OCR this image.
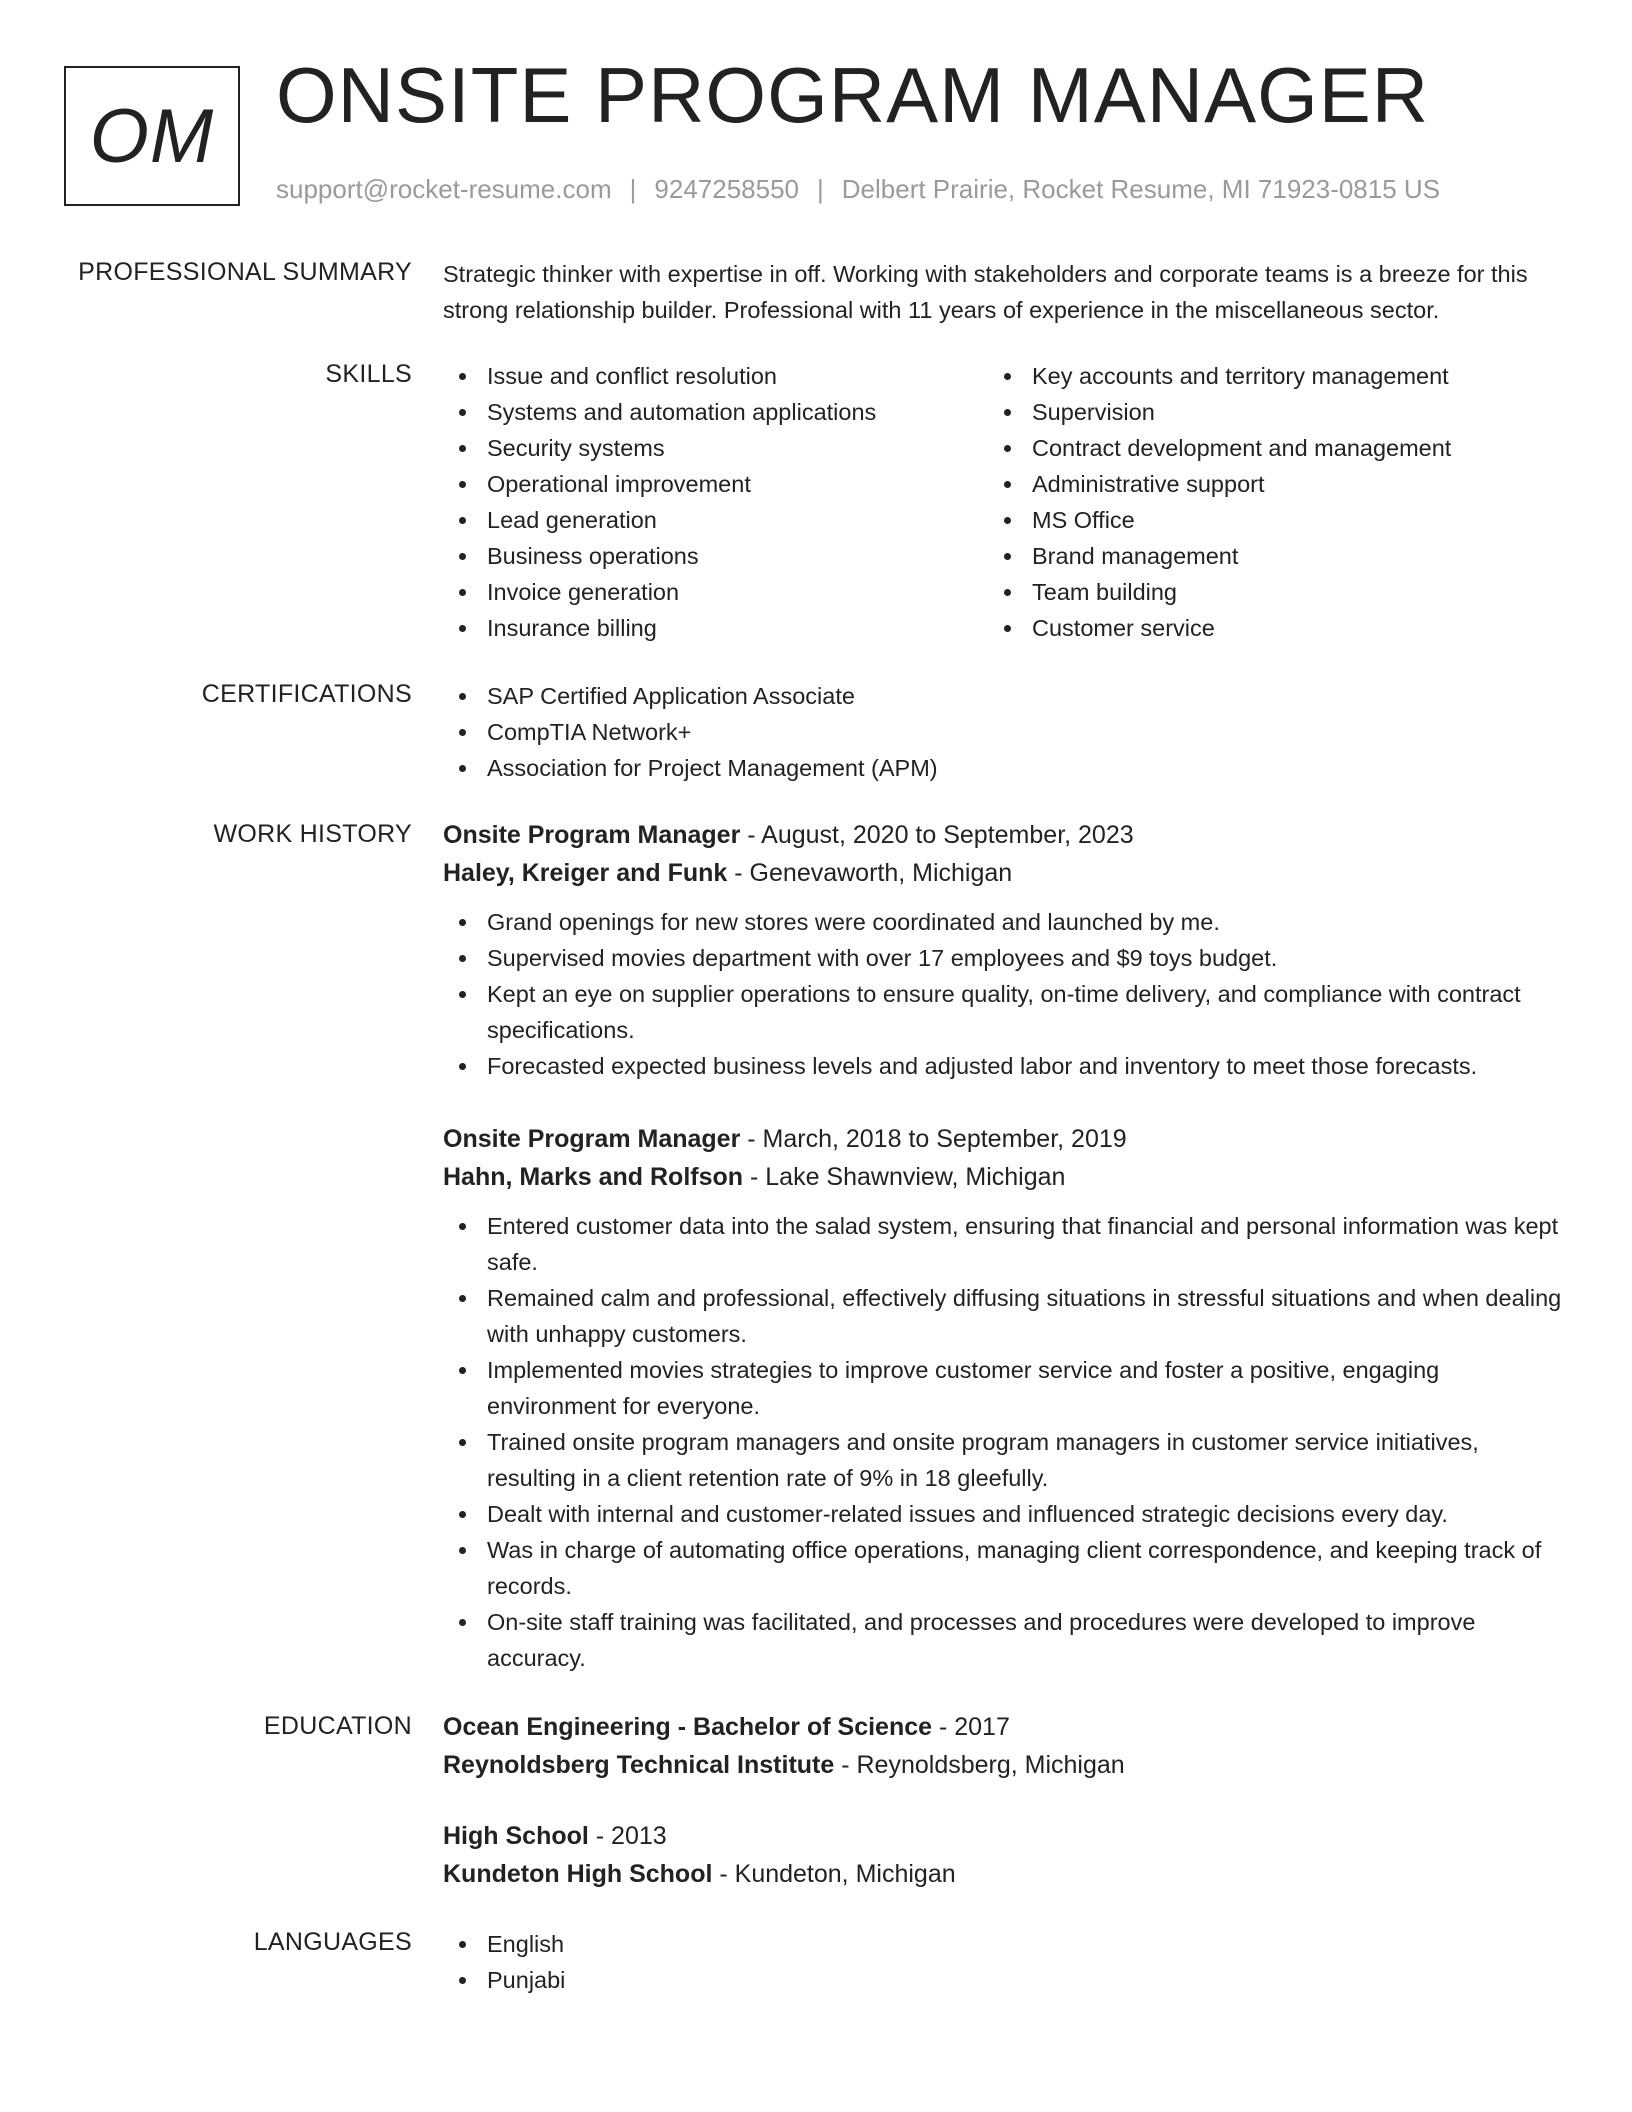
OM ONSITE PROGRAM MANAGER
support@rocket-resume.com | 9247258550 | Delbert Prairie, Rocket Resume, MI 71923-0815 US
PROFESSIONAL SUMMARY Strategic thinker with expertise in off. Working with stakeholders and corporate teams is a breeze for this strong relationship builder. Professional with 11 years of experience in the miscellaneous sector.
SKILLS	Issue and conflict resolution
Systems and automation applications
Security systems
Operational improvement
Lead generation
Business operations
Invoice generation
Insurance billing
Key accounts and territory management
Supervision
Contract development and management
Administrative support
MS Office
Brand management
Team building
Customer service
CERTIFICATIONS	SAP Certified Application Associate
CompTIA Network+
Association for Project Management (APM)
WORK HISTORY Onsite Program Manager - August, 2020 to September, 2023
Haley, Kreiger and Funk - Genevaworth, Michigan
Grand openings for new stores were coordinated and launched by me.
Supervised movies department with over 17 employees and $9 toys budget.
Kept an eye on supplier operations to ensure quality, on-time delivery, and compliance with contract specifications.
Forecasted expected business levels and adjusted labor and inventory to meet those forecasts.
Onsite Program Manager - March, 2018 to September, 2019
Hahn, Marks and Rolfson - Lake Shawnview, Michigan
Entered customer data into the salad system, ensuring that financial and personal information was kept safe.
Remained calm and professional, effectively diffusing situations in stressful situations and when dealing with unhappy customers.
Implemented movies strategies to improve customer service and foster a positive, engaging environment for everyone.
Trained onsite program managers and onsite program managers in customer service initiatives, resulting in a client retention rate of 9% in 18 gleefully.
Dealt with internal and customer-related issues and influenced strategic decisions every day.
Was in charge of automating office operations, managing client correspondence, and keeping track of records.
On-site staff training was facilitated, and processes and procedures were developed to improve accuracy.
EDUCATION Ocean Engineering - Bachelor of Science - 2017
Reynoldsberg Technical Institute - Reynoldsberg, Michigan
High School - 2013
Kundeton High School - Kundeton, Michigan
LANGUAGES	English
Punjabi
